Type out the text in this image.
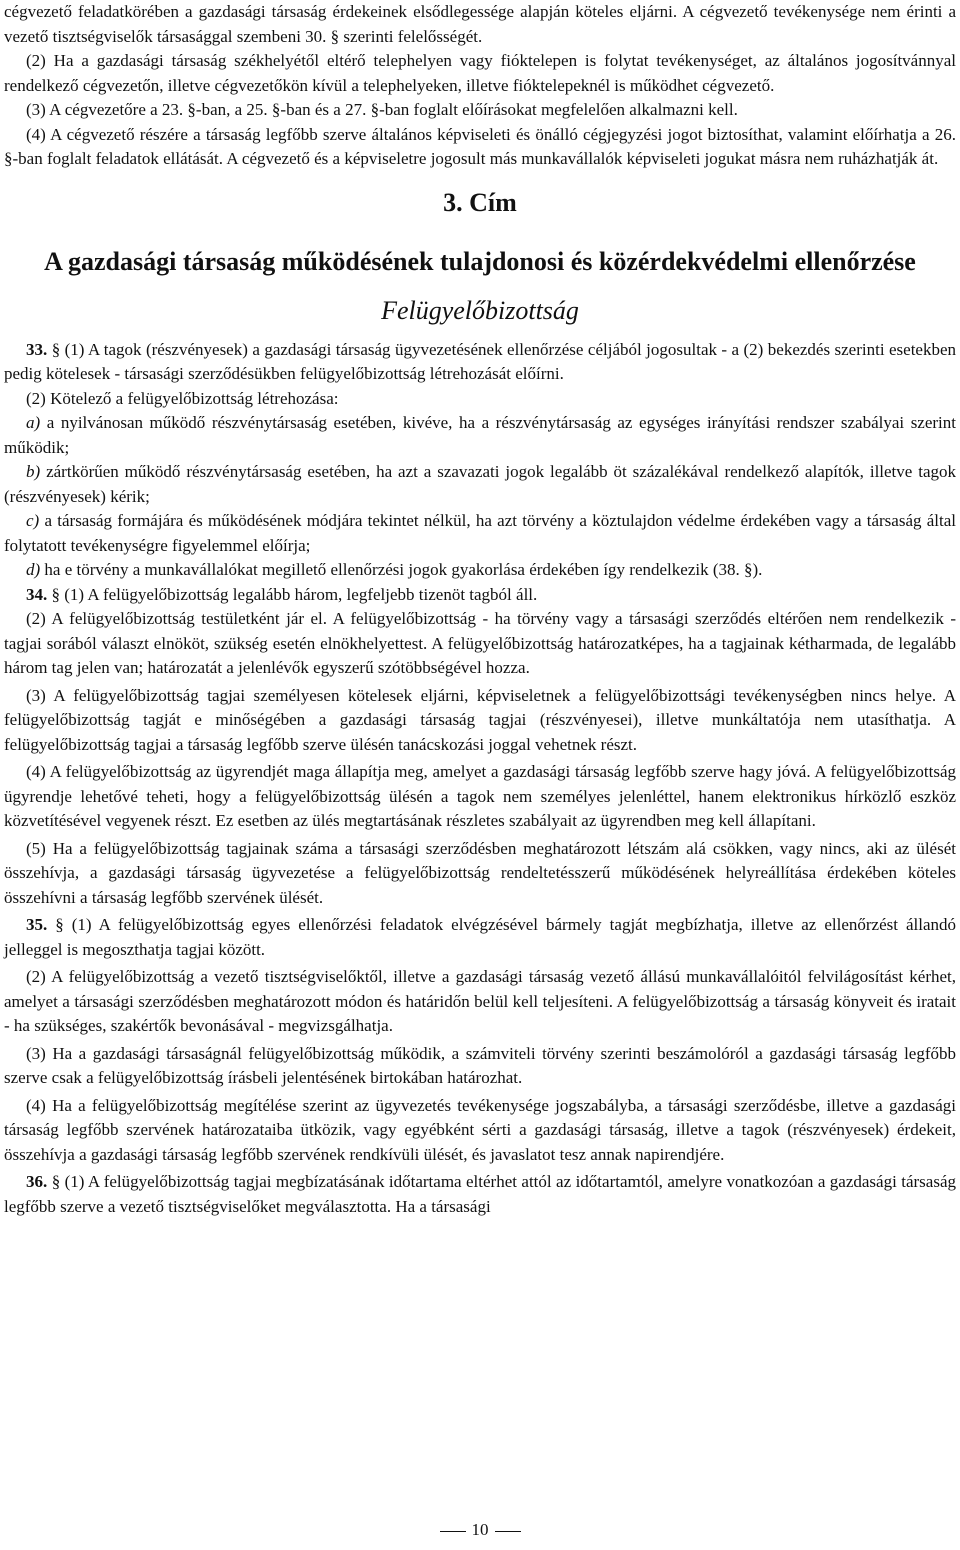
cégvezető feladatkörében a gazdasági társaság érdekeinek elsődlegessége alapján köteles eljárni. A cégvezető tevékenysége nem érinti a vezető tisztségviselők társasággal szembeni 30. § szerinti felelősségét.

(2) Ha a gazdasági társaság székhelyétől eltérő telephelyen vagy fióktelepen is folytat tevékenységet, az általános jogosítvánnyal rendelkező cégvezetőn, illetve cégvezetőkön kívül a telephelyeken, illetve fióktelepeknél is működhet cégvezető.

(3) A cégvezetőre a 23. §-ban, a 25. §-ban és a 27. §-ban foglalt előírásokat megfelelően alkalmazni kell.

(4) A cégvezető részére a társaság legfőbb szerve általános képviseleti és önálló cégjegyzési jogot biztosíthat, valamint előírhatja a 26. §-ban foglalt feladatok ellátását. A cégvezető és a képviseletre jogosult más munkavállalók képviseleti jogukat másra nem ruházhatják át.

3. Cím

A gazdasági társaság működésének tulajdonosi és közérdekvédelmi ellenőrzése

Felügyelőbizottság

33. § (1) A tagok (részvényesek) a gazdasági társaság ügyvezetésének ellenőrzése céljából jogosultak - a (2) bekezdés szerinti esetekben pedig kötelesek - társasági szerződésükben felügyelőbizottság létrehozását előírni.

(2) Kötelező a felügyelőbizottság létrehozása:

a) a nyilvánosan működő részvénytársaság esetében, kivéve, ha a részvénytársaság az egységes irányítási rendszer szabályai szerint működik;

b) zártkörűen működő részvénytársaság esetében, ha azt a szavazati jogok legalább öt százalékával rendelkező alapítók, illetve tagok (részvényesek) kérik;

c) a társaság formájára és működésének módjára tekintet nélkül, ha azt törvény a köztulajdon védelme érdekében vagy a társaság által folytatott tevékenységre figyelemmel előírja;

d) ha e törvény a munkavállalókat megillető ellenőrzési jogok gyakorlása érdekében így rendelkezik (38. §).

34. § (1) A felügyelőbizottság legalább három, legfeljebb tizenöt tagból áll.

(2) A felügyelőbizottság testületként jár el. A felügyelőbizottság - ha törvény vagy a társasági szerződés eltérően nem rendelkezik - tagjai sorából választ elnököt, szükség esetén elnökhelyettest. A felügyelőbizottság határozatképes, ha a tagjainak kétharmada, de legalább három tag jelen van; határozatát a jelenlévők egyszerű szótöbbségével hozza.

(3) A felügyelőbizottság tagjai személyesen kötelesek eljárni, képviseletnek a felügyelőbizottsági tevékenységben nincs helye. A felügyelőbizottság tagját e minőségében a gazdasági társaság tagjai (részvényesei), illetve munkáltatója nem utasíthatja. A felügyelőbizottság tagjai a társaság legfőbb szerve ülésén tanácskozási joggal vehetnek részt.

(4) A felügyelőbizottság az ügyrendjét maga állapítja meg, amelyet a gazdasági társaság legfőbb szerve hagy jóvá. A felügyelőbizottság ügyrendje lehetővé teheti, hogy a felügyelőbizottság ülésén a tagok nem személyes jelenléttel, hanem elektronikus hírközlő eszköz közvetítésével vegyenek részt. Ez esetben az ülés megtartásának részletes szabályait az ügyrendben meg kell állapítani.

(5) Ha a felügyelőbizottság tagjainak száma a társasági szerződésben meghatározott létszám alá csökken, vagy nincs, aki az ülését összehívja, a gazdasági társaság ügyvezetése a felügyelőbizottság rendeltetésszerű működésének helyreállítása érdekében köteles összehívni a társaság legfőbb szervének ülését.

35. § (1) A felügyelőbizottság egyes ellenőrzési feladatok elvégzésével bármely tagját megbízhatja, illetve az ellenőrzést állandó jelleggel is megoszthatja tagjai között.

(2) A felügyelőbizottság a vezető tisztségviselőktől, illetve a gazdasági társaság vezető állású munkavállalóitól felvilágosítást kérhet, amelyet a társasági szerződésben meghatározott módon és határidőn belül kell teljesíteni. A felügyelőbizottság a társaság könyveit és iratait - ha szükséges, szakértők bevonásával - megvizsgálhatja.

(3) Ha a gazdasági társaságnál felügyelőbizottság működik, a számviteli törvény szerinti beszámolóról a gazdasági társaság legfőbb szerve csak a felügyelőbizottság írásbeli jelentésének birtokában határozhat.

(4) Ha a felügyelőbizottság megítélése szerint az ügyvezetés tevékenysége jogszabályba, a társasági szerződésbe, illetve a gazdasági társaság legfőbb szervének határozataiba ütközik, vagy egyébként sérti a gazdasági társaság, illetve a tagok (részvényesek) érdekeit, összehívja a gazdasági társaság legfőbb szervének rendkívüli ülését, és javaslatot tesz annak napirendjére.

36. § (1) A felügyelőbizottság tagjai megbízatásának időtartama eltérhet attól az időtartamtól, amelyre vonatkozóan a gazdasági társaság legfőbb szerve a vezető tisztségviselőket megválasztotta. Ha a társasági

10
